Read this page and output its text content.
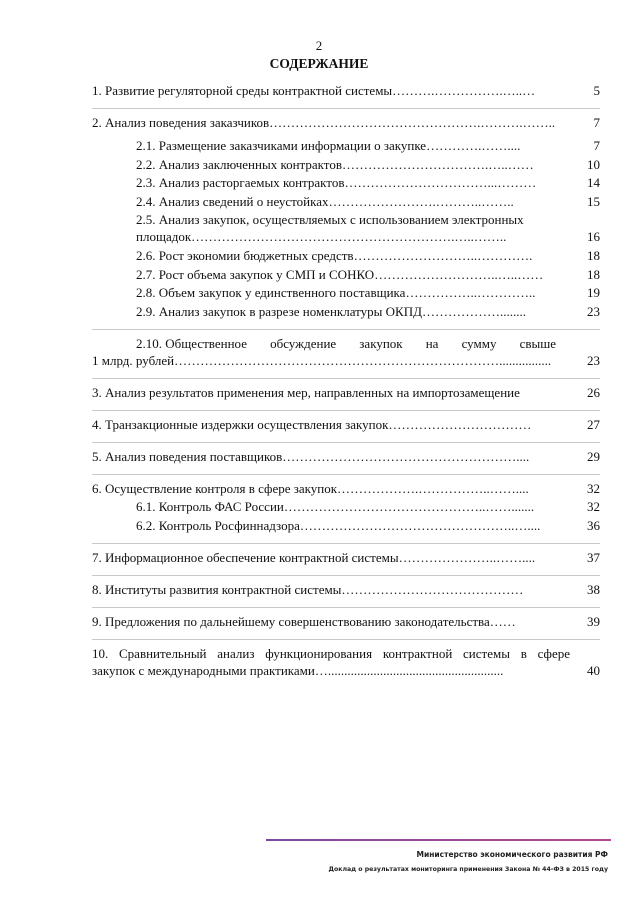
2
СОДЕРЖАНИЕ
1. Развитие регуляторной среды контрактной системы ……….…………….…..…	5
2. Анализ поведения заказчиков ………………………………………….……….……..	7
2.1. Размещение заказчиками информации о закупке ………….……....	7
2.2. Анализ заключенных контрактов …………………………….…..……	10
2.3. Анализ расторгаемых контрактов ……………………………...………	14
2.4. Анализ сведений о неустойках …………………….………..……..	15
2.5. Анализ закупок, осуществляемых с использованием электронных
площадок …………………………………………………….…..……..	16
2.6. Рост экономии бюджетных средств ………………………..………….	18
2.7. Рост объема закупок у СМП и СОНКО ………………………..…..……	18
2.8. Объем закупок у единственного поставщика ……………..…………..	19
2.9. Анализ закупок в разрезе номенклатуры ОКПД ………………........	23
2.10. Общественное обсуждение закупок на сумму свыше
1 млрд. рублей …………………………………………………………………................	23
3. Анализ результатов применения мер, направленных на импортозамещение	26
4. Транзакционные издержки осуществления закупок ……………………………	27
5. Анализ поведения поставщиков ………………………………………………....	29
6. Осуществление контроля в сфере закупок ……………….……………..……....	32
6.1. Контроль ФАС России ………………………………………..…….......	32
6.2. Контроль Росфиннадзора …………………………………………..…....	36
7. Информационное обеспечение контрактной системы …………………..……....	37
8. Институты развития контрактной системы ……………………………………	38
9. Предложения по дальнейшему совершенствованию законодательства ……	39
10. Сравнительный анализ функционирования контрактной системы в сфере
закупок с международными практиками …......................................................	40
Министерство экономического развития РФ
Доклад о результатах мониторинга применения Закона № 44-ФЗ в 2015 году
